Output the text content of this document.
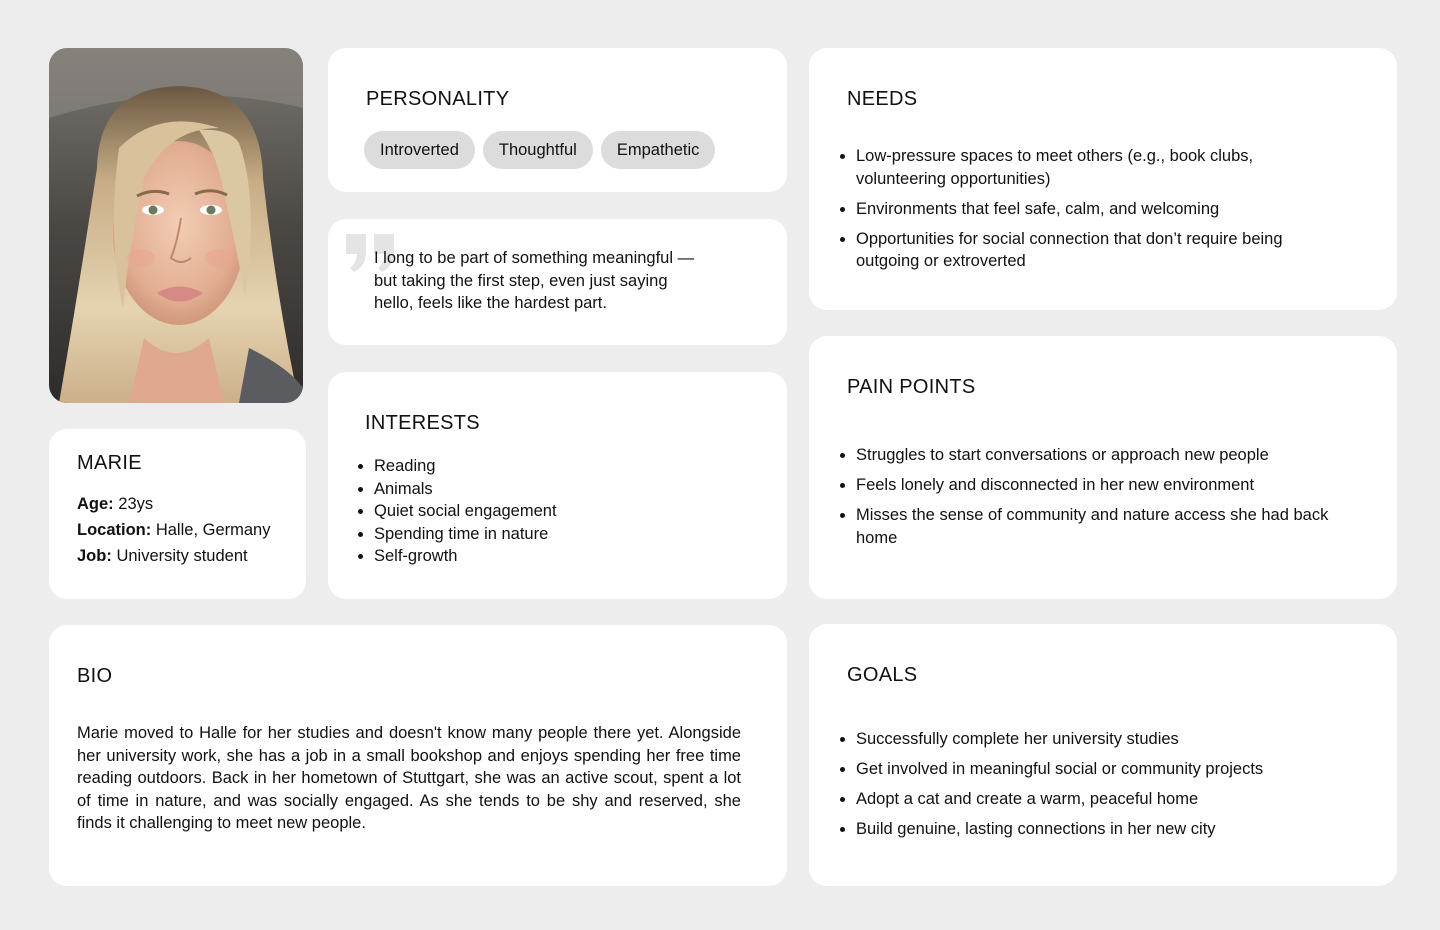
MARIE
Age: 23ys
Location: Halle, Germany
Job: University student
PERSONALITY
Introverted	Thoughtful	Empathetic
I long to be part of something meaningful —
but taking the first step, even just saying
hello, feels like the hardest part.
INTERESTS
Reading
Animals
Quiet social engagement
Spending time in nature
Self-growth
NEEDS
Low-pressure spaces to meet others (e.g., book clubs, volunteering opportunities)
Environments that feel safe, calm, and welcoming
Opportunities for social connection that don’t require being outgoing or extroverted
PAIN POINTS
Struggles to start conversations or approach new people
Feels lonely and disconnected in her new environment
Misses the sense of community and nature access she had back home
BIO

Marie moved to Halle for her studies and doesn't know many people there yet. Alongside her university work, she has a job in a small bookshop and enjoys spending her free time reading outdoors. Back in her hometown of Stuttgart, she was an active scout, spent a lot of time in nature, and was socially engaged. As she tends to be shy and reserved, she finds it challenging to meet new people.

GOALS
Successfully complete her university studies
Get involved in meaningful social or community projects
Adopt a cat and create a warm, peaceful home
Build genuine, lasting connections in her new city
